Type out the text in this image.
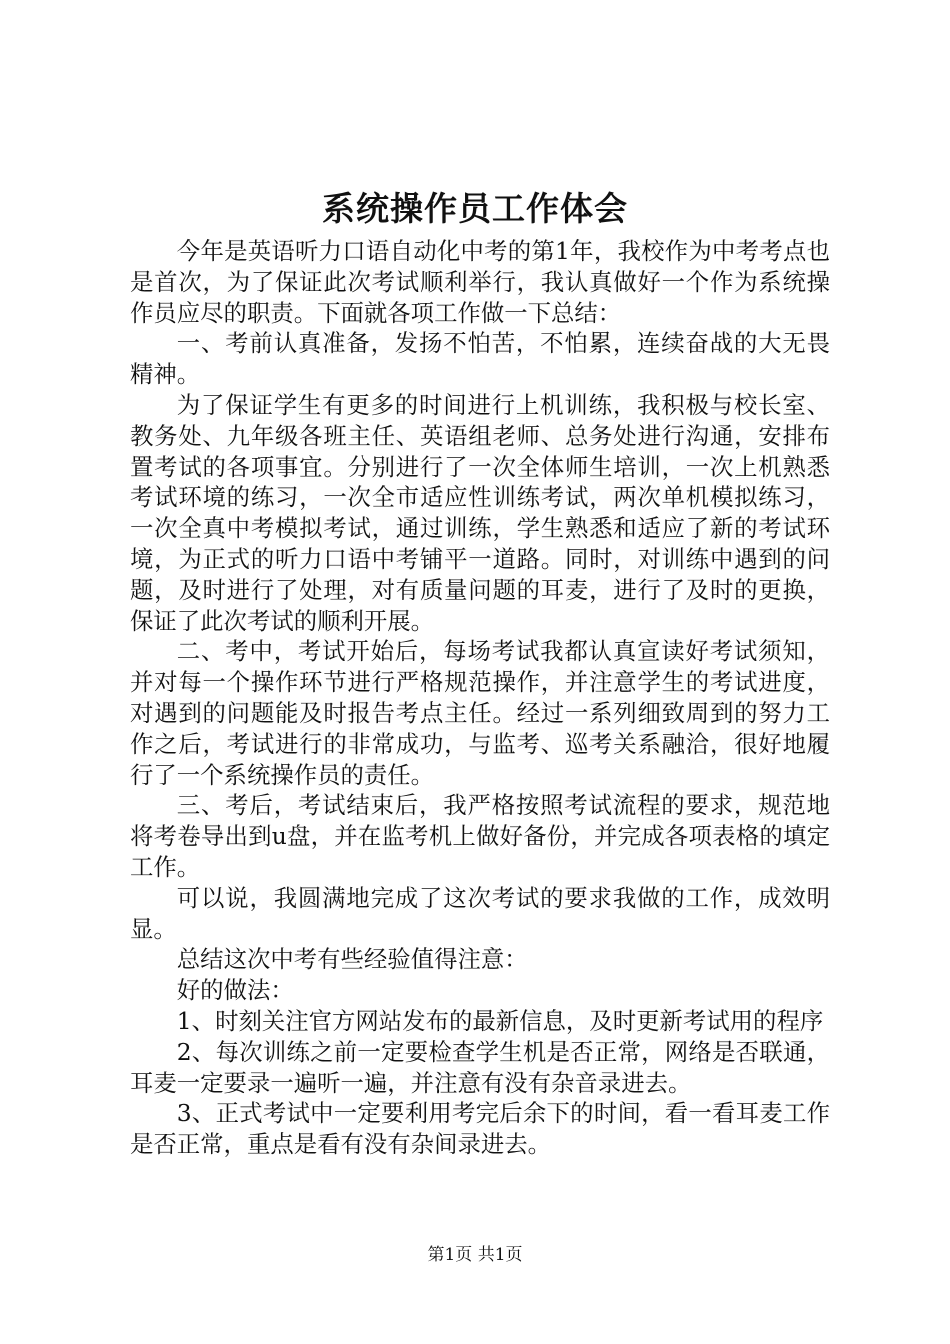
系统操作员工作体会

今年是英语听力口语自动化中考的第1年，我校作为中考考点也是首次，为了保证此次考试顺利举行，我认真做好一个作为系统操作员应尽的职责。下面就各项工作做一下总结：

一、考前认真准备，发扬不怕苦，不怕累，连续奋战的大无畏精神。

为了保证学生有更多的时间进行上机训练，我积极与校长室、教务处、九年级各班主任、英语组老师、总务处进行沟通，安排布置考试的各项事宜。分别进行了一次全体师生培训，一次上机熟悉考试环境的练习，一次全市适应性训练考试，两次单机模拟练习，一次全真中考模拟考试，通过训练，学生熟悉和适应了新的考试环境，为正式的听力口语中考铺平一道路。同时，对训练中遇到的问题，及时进行了处理，对有质量问题的耳麦，进行了及时的更换，保证了此次考试的顺利开展。

二、考中，考试开始后，每场考试我都认真宣读好考试须知，并对每一个操作环节进行严格规范操作，并注意学生的考试进度，对遇到的问题能及时报告考点主任。经过一系列细致周到的努力工作之后，考试进行的非常成功，与监考、巡考关系融洽，很好地履行了一个系统操作员的责任。

三、考后，考试结束后，我严格按照考试流程的要求，规范地将考卷导出到u盘，并在监考机上做好备份，并完成各项表格的填定工作。

可以说，我圆满地完成了这次考试的要求我做的工作，成效明显。

总结这次中考有些经验值得注意：

好的做法：

1、时刻关注官方网站发布的最新信息，及时更新考试用的程序

2、每次训练之前一定要检查学生机是否正常，网络是否联通，耳麦一定要录一遍听一遍，并注意有没有杂音录进去。

3、正式考试中一定要利用考完后余下的时间，看一看耳麦工作是否正常，重点是看有没有杂间录进去。

第1页 共1页
